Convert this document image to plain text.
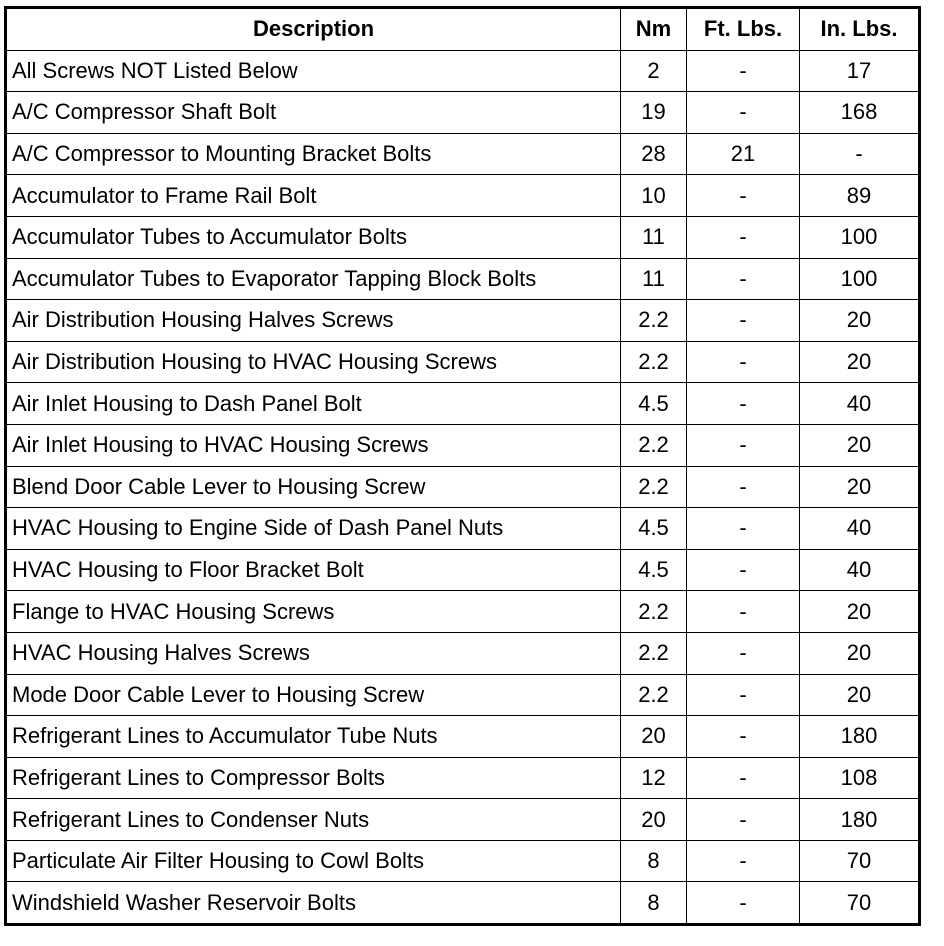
Description	Nm	Ft. Lbs.	In. Lbs.
All Screws NOT Listed Below	2	-	17
A/C Compressor Shaft Bolt	19	-	168
A/C Compressor to Mounting Bracket Bolts	28	21	-
Accumulator to Frame Rail Bolt	10	-	89
Accumulator Tubes to Accumulator Bolts	11	-	100
Accumulator Tubes to Evaporator Tapping Block Bolts	11	-	100
Air Distribution Housing Halves Screws	2.2	-	20
Air Distribution Housing to HVAC Housing Screws	2.2	-	20
Air Inlet Housing to Dash Panel Bolt	4.5	-	40
Air Inlet Housing to HVAC Housing Screws	2.2	-	20
Blend Door Cable Lever to Housing Screw	2.2	-	20
HVAC Housing to Engine Side of Dash Panel Nuts	4.5	-	40
HVAC Housing to Floor Bracket Bolt	4.5	-	40
Flange to HVAC Housing Screws	2.2	-	20
HVAC Housing Halves Screws	2.2	-	20
Mode Door Cable Lever to Housing Screw	2.2	-	20
Refrigerant Lines to Accumulator Tube Nuts	20	-	180
Refrigerant Lines to Compressor Bolts	12	-	108
Refrigerant Lines to Condenser Nuts	20	-	180
Particulate Air Filter Housing to Cowl Bolts	8	-	70
Windshield Washer Reservoir Bolts	8	-	70
